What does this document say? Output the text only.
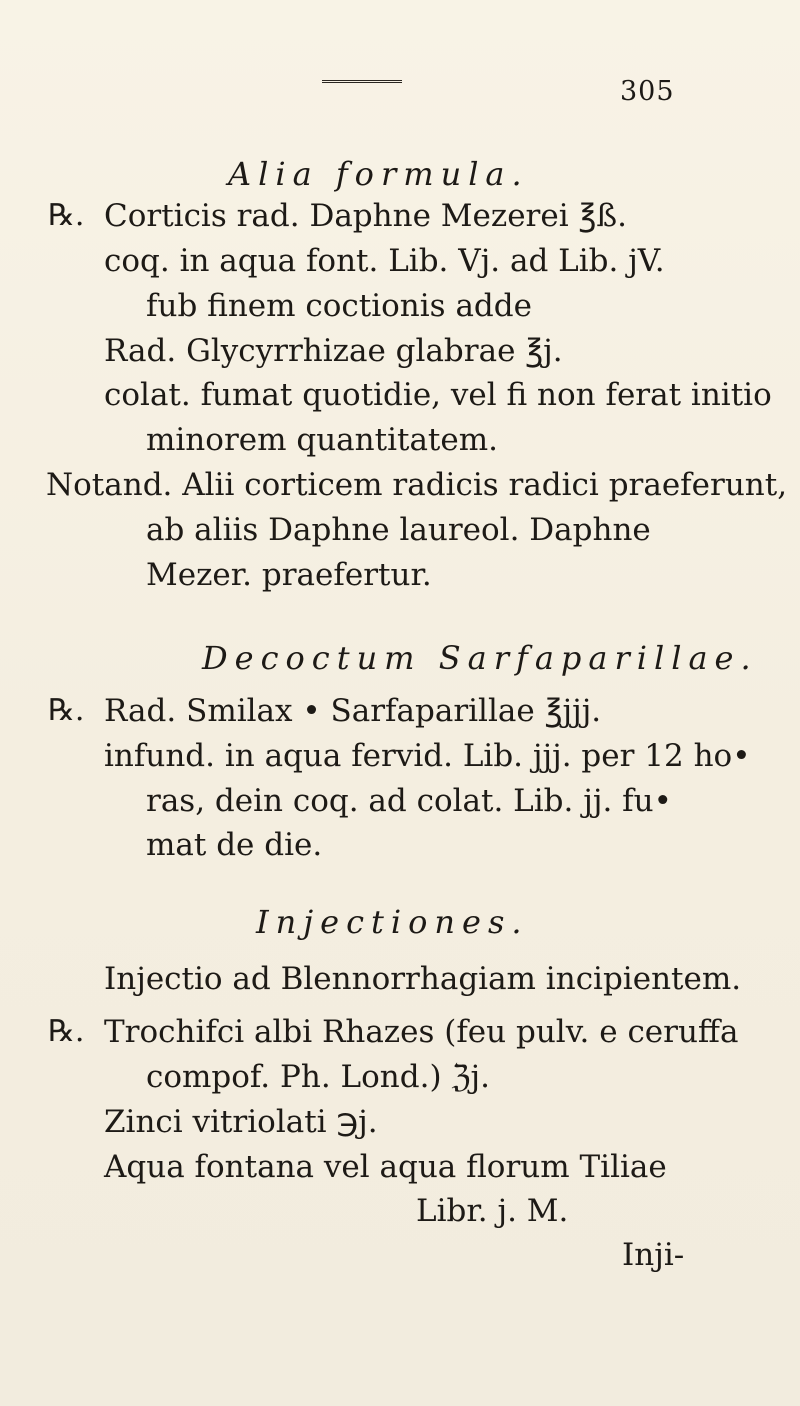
305
Alia formula.
℞. Corticis rad. Daphne Mezerei ℥ß.
coq. in aqua font. Lib. Vj. ad Lib. jV.
fub finem coctionis adde
Rad. Glycyrrhizae glabrae ℥j.
colat. fumat quotidie, vel fi non ferat initio
minorem quantitatem.
Notand. Alii corticem radicis radici praeferunt,
ab aliis Daphne laureol. Daphne
Mezer. praefertur.
Decoctum Sarfaparillae.
℞. Rad. Smilax • Sarfaparillae ℥jjj.
infund. in aqua fervid. Lib. jjj. per 12 ho•
ras, dein coq. ad colat. Lib. jj. fu•
mat de die.
Injectiones.
Injectio ad Blennorrhagiam incipientem.
℞. Trochifci albi Rhazes (feu pulv. e ceruffa
compof. Ph. Lond.) ℨj.
Zinci vitriolati ℈j.
Aqua fontana vel aqua florum Tiliae
Libr. j. M.
Inji-
